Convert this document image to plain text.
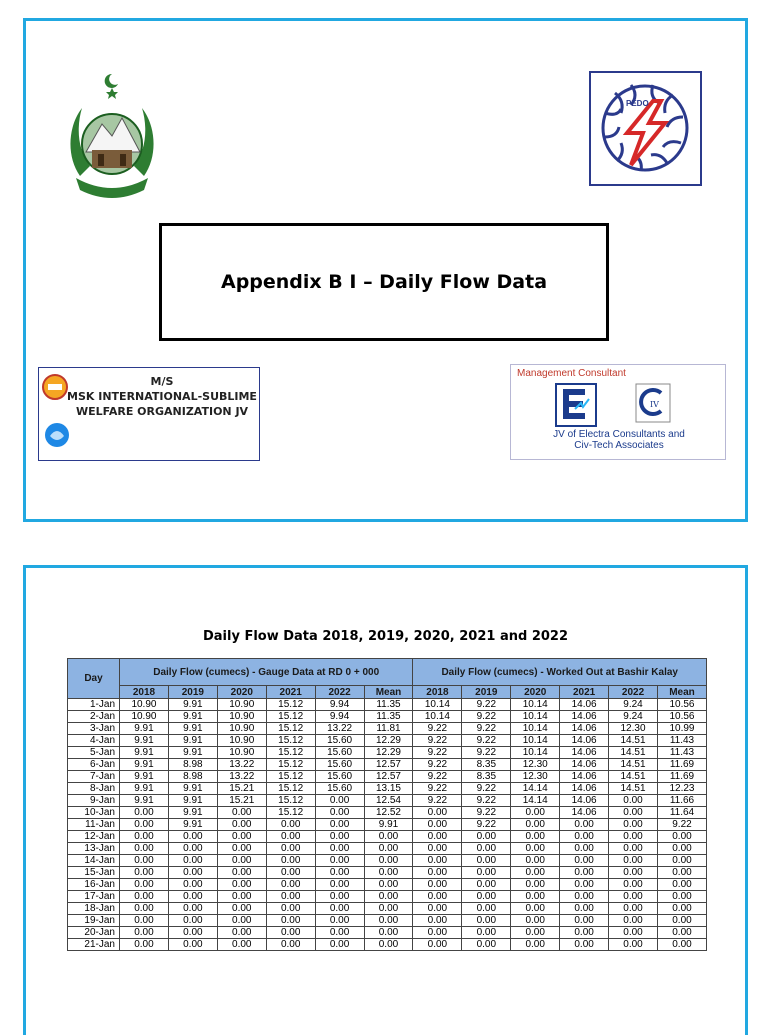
PEDO
Appendix B I – Daily Flow Data
M/S
MSK INTERNATIONAL-SUBLIME
WELFARE ORGANIZATION JV
Management Consultant
IV
JV of Electra Consultants and
Civ-Tech Associates
Daily Flow Data 2018, 2019, 2020, 2021 and 2022
Day	Daily Flow (cumecs) - Gauge Data at RD 0 + 000						Daily Flow (cumecs) - Worked Out at Bashir Kalay					
	2018	2019	2020	2021	2022	Mean	2018	2019	2020	2021	2022	Mean
1-Jan	10.90	9.91	10.90	15.12	9.94	11.35	10.14	9.22	10.14	14.06	9.24	10.56
2-Jan	10.90	9.91	10.90	15.12	9.94	11.35	10.14	9.22	10.14	14.06	9.24	10.56
3-Jan	9.91	9.91	10.90	15.12	13.22	11.81	9.22	9.22	10.14	14.06	12.30	10.99
4-Jan	9.91	9.91	10.90	15.12	15.60	12.29	9.22	9.22	10.14	14.06	14.51	11.43
5-Jan	9.91	9.91	10.90	15.12	15.60	12.29	9.22	9.22	10.14	14.06	14.51	11.43
6-Jan	9.91	8.98	13.22	15.12	15.60	12.57	9.22	8.35	12.30	14.06	14.51	11.69
7-Jan	9.91	8.98	13.22	15.12	15.60	12.57	9.22	8.35	12.30	14.06	14.51	11.69
8-Jan	9.91	9.91	15.21	15.12	15.60	13.15	9.22	9.22	14.14	14.06	14.51	12.23
9-Jan	9.91	9.91	15.21	15.12	0.00	12.54	9.22	9.22	14.14	14.06	0.00	11.66
10-Jan	0.00	9.91	0.00	15.12	0.00	12.52	0.00	9.22	0.00	14.06	0.00	11.64
11-Jan	0.00	9.91	0.00	0.00	0.00	9.91	0.00	9.22	0.00	0.00	0.00	9.22
12-Jan	0.00	0.00	0.00	0.00	0.00	0.00	0.00	0.00	0.00	0.00	0.00	0.00
13-Jan	0.00	0.00	0.00	0.00	0.00	0.00	0.00	0.00	0.00	0.00	0.00	0.00
14-Jan	0.00	0.00	0.00	0.00	0.00	0.00	0.00	0.00	0.00	0.00	0.00	0.00
15-Jan	0.00	0.00	0.00	0.00	0.00	0.00	0.00	0.00	0.00	0.00	0.00	0.00
16-Jan	0.00	0.00	0.00	0.00	0.00	0.00	0.00	0.00	0.00	0.00	0.00	0.00
17-Jan	0.00	0.00	0.00	0.00	0.00	0.00	0.00	0.00	0.00	0.00	0.00	0.00
18-Jan	0.00	0.00	0.00	0.00	0.00	0.00	0.00	0.00	0.00	0.00	0.00	0.00
19-Jan	0.00	0.00	0.00	0.00	0.00	0.00	0.00	0.00	0.00	0.00	0.00	0.00
20-Jan	0.00	0.00	0.00	0.00	0.00	0.00	0.00	0.00	0.00	0.00	0.00	0.00
21-Jan	0.00	0.00	0.00	0.00	0.00	0.00	0.00	0.00	0.00	0.00	0.00	0.00
